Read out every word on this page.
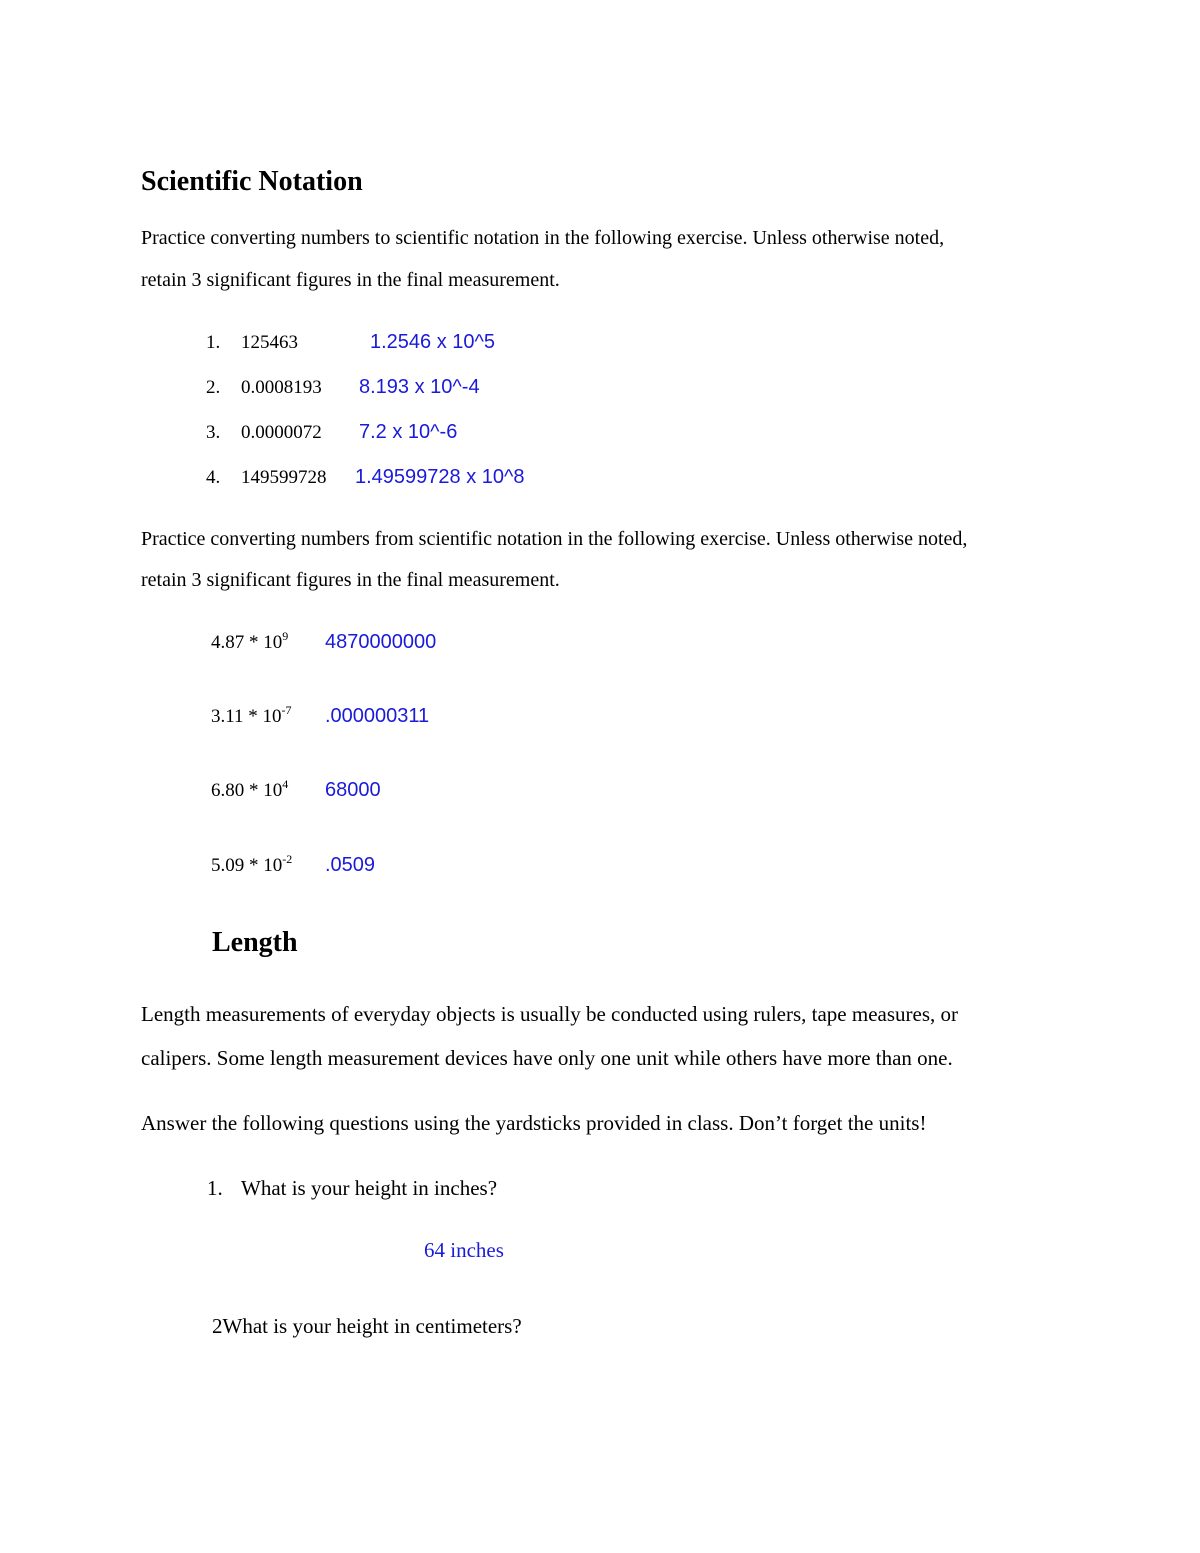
Scientific Notation
Practice converting numbers to scientific notation in the following exercise. Unless otherwise noted,
retain 3 significant figures in the final measurement.
1. 125463	1.2546 x 10^5
2. 0.0008193 8.193 x 10^-4
3. 0.0000072 7.2 x 10^-6
4. 149599728 1.49599728 x 10^8
Practice converting numbers from scientific notation in the following exercise. Unless otherwise noted,
retain 3 significant figures in the final measurement.
$4.87 * 10^9$ 4870000000
$3.11 * 10^{-7}$ .000000311
$6.80 * 10^4$ 68000
$5.09 * 10^{-2}$ .0509
Length
Length measurements of everyday objects is usually be conducted using rulers, tape measures, or
calipers. Some length measurement devices have only one unit while others have more than one.
Answer the following questions using the yardsticks provided in class. Don’t forget the units!
1. What is your height in inches?
64 inches
2What is your height in centimeters?
